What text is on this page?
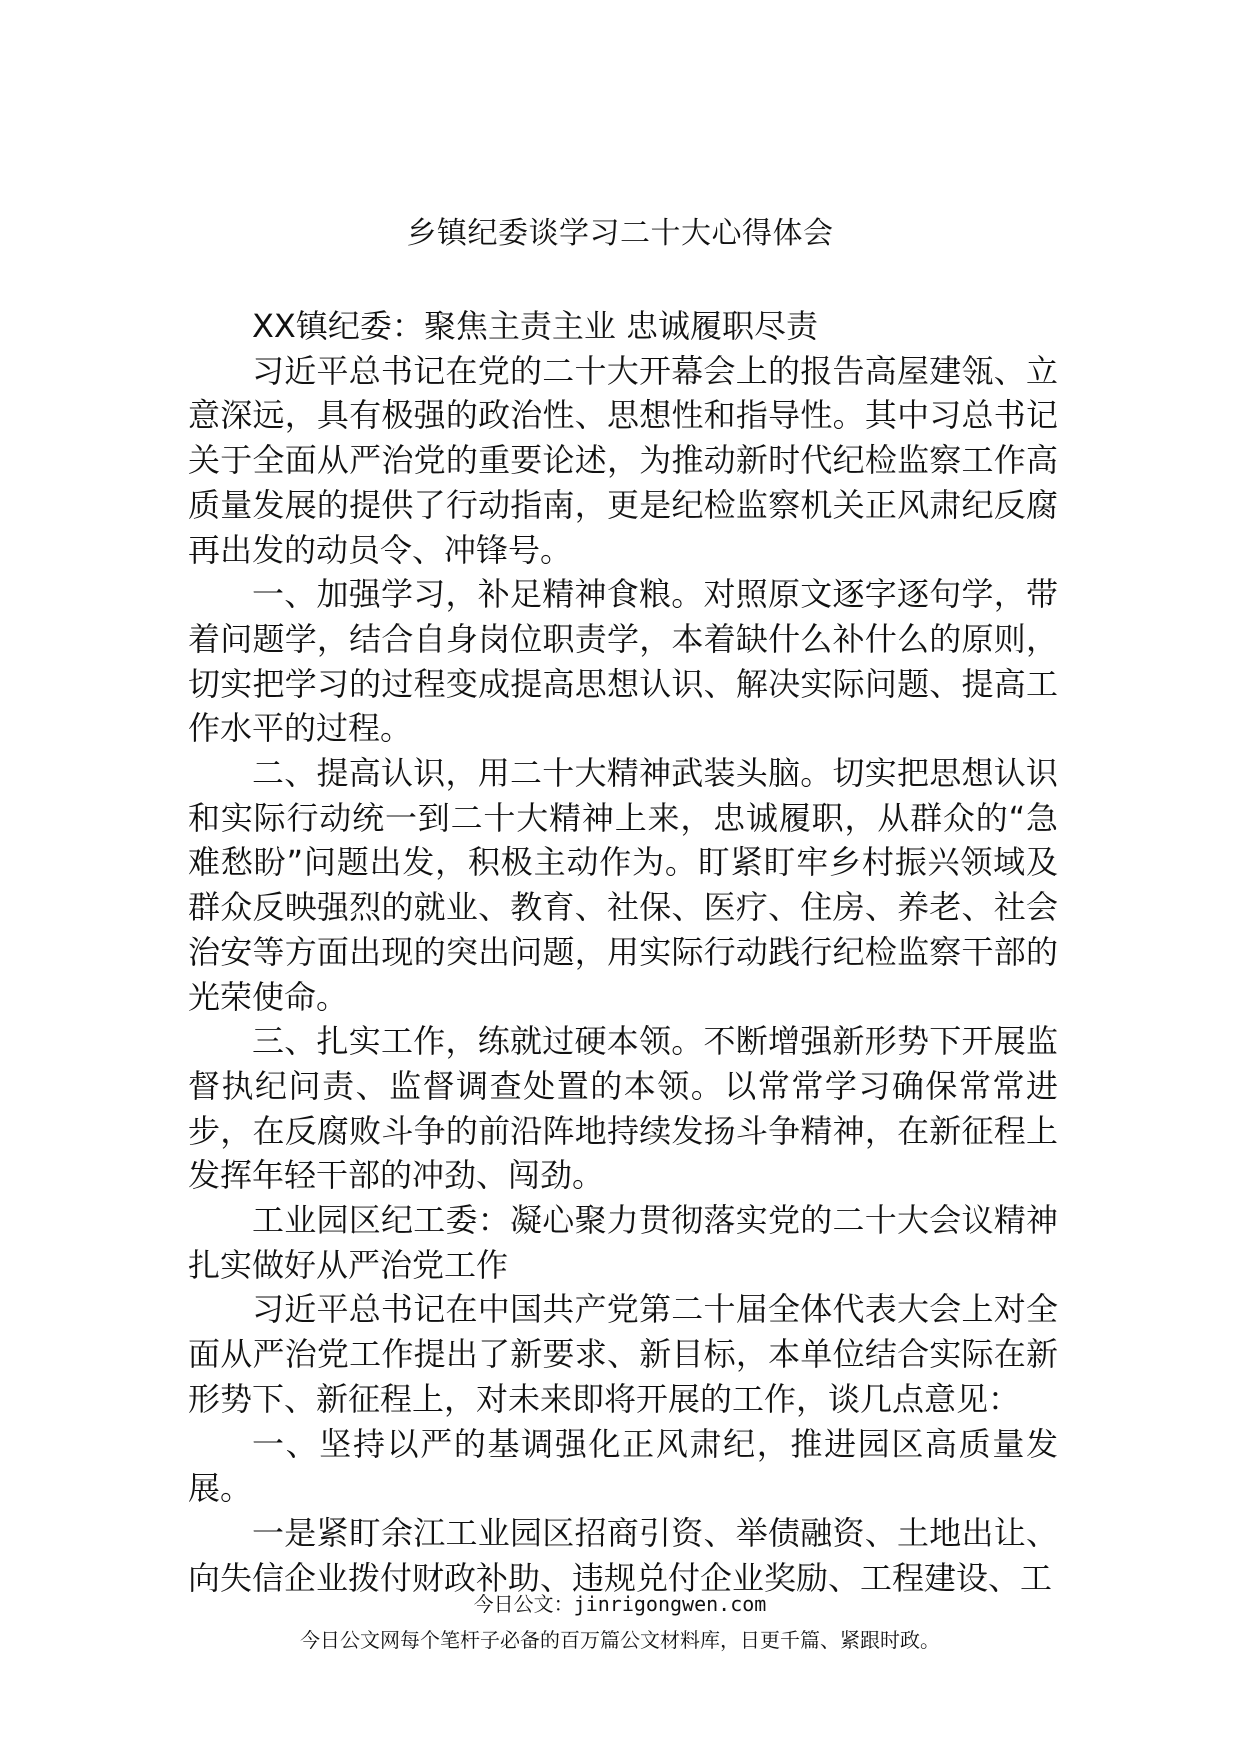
乡镇纪委谈学习二十大心得体会

XX镇纪委：聚焦主责主业 忠诚履职尽责

习近平总书记在党的二十大开幕会上的报告高屋建瓴、立意深远，具有极强的政治性、思想性和指导性。其中习总书记关于全面从严治党的重要论述，为推动新时代纪检监察工作高质量发展的提供了行动指南，更是纪检监察机关正风肃纪反腐再出发的动员令、冲锋号。

一、加强学习，补足精神食粮。对照原文逐字逐句学，带着问题学，结合自身岗位职责学，本着缺什么补什么的原则，切实把学习的过程变成提高思想认识、解决实际问题、提高工作水平的过程。

二、提高认识，用二十大精神武装头脑。切实把思想认识和实际行动统一到二十大精神上来，忠诚履职，从群众的“急难愁盼”问题出发，积极主动作为。盯紧盯牢乡村振兴领域及群众反映强烈的就业、教育、社保、医疗、住房、养老、社会治安等方面出现的突出问题，用实际行动践行纪检监察干部的光荣使命。

三、扎实工作，练就过硬本领。不断增强新形势下开展监督执纪问责、监督调查处置的本领。以常常学习确保常常进步，在反腐败斗争的前沿阵地持续发扬斗争精神，在新征程上发挥年轻干部的冲劲、闯劲。

工业园区纪工委：凝心聚力贯彻落实党的二十大会议精神扎实做好从严治党工作

习近平总书记在中国共产党第二十届全体代表大会上对全面从严治党工作提出了新要求、新目标，本单位结合实际在新形势下、新征程上，对未来即将开展的工作，谈几点意见：

一、坚持以严的基调强化正风肃纪，推进园区高质量发展。

一是紧盯余江工业园区招商引资、举债融资、土地出让、向失信企业拨付财政补助、违规兑付企业奖励、工程建设、工

今日公文：jinrigongwen.com
今日公文网每个笔杆子必备的百万篇公文材料库，日更千篇、紧跟时政。
